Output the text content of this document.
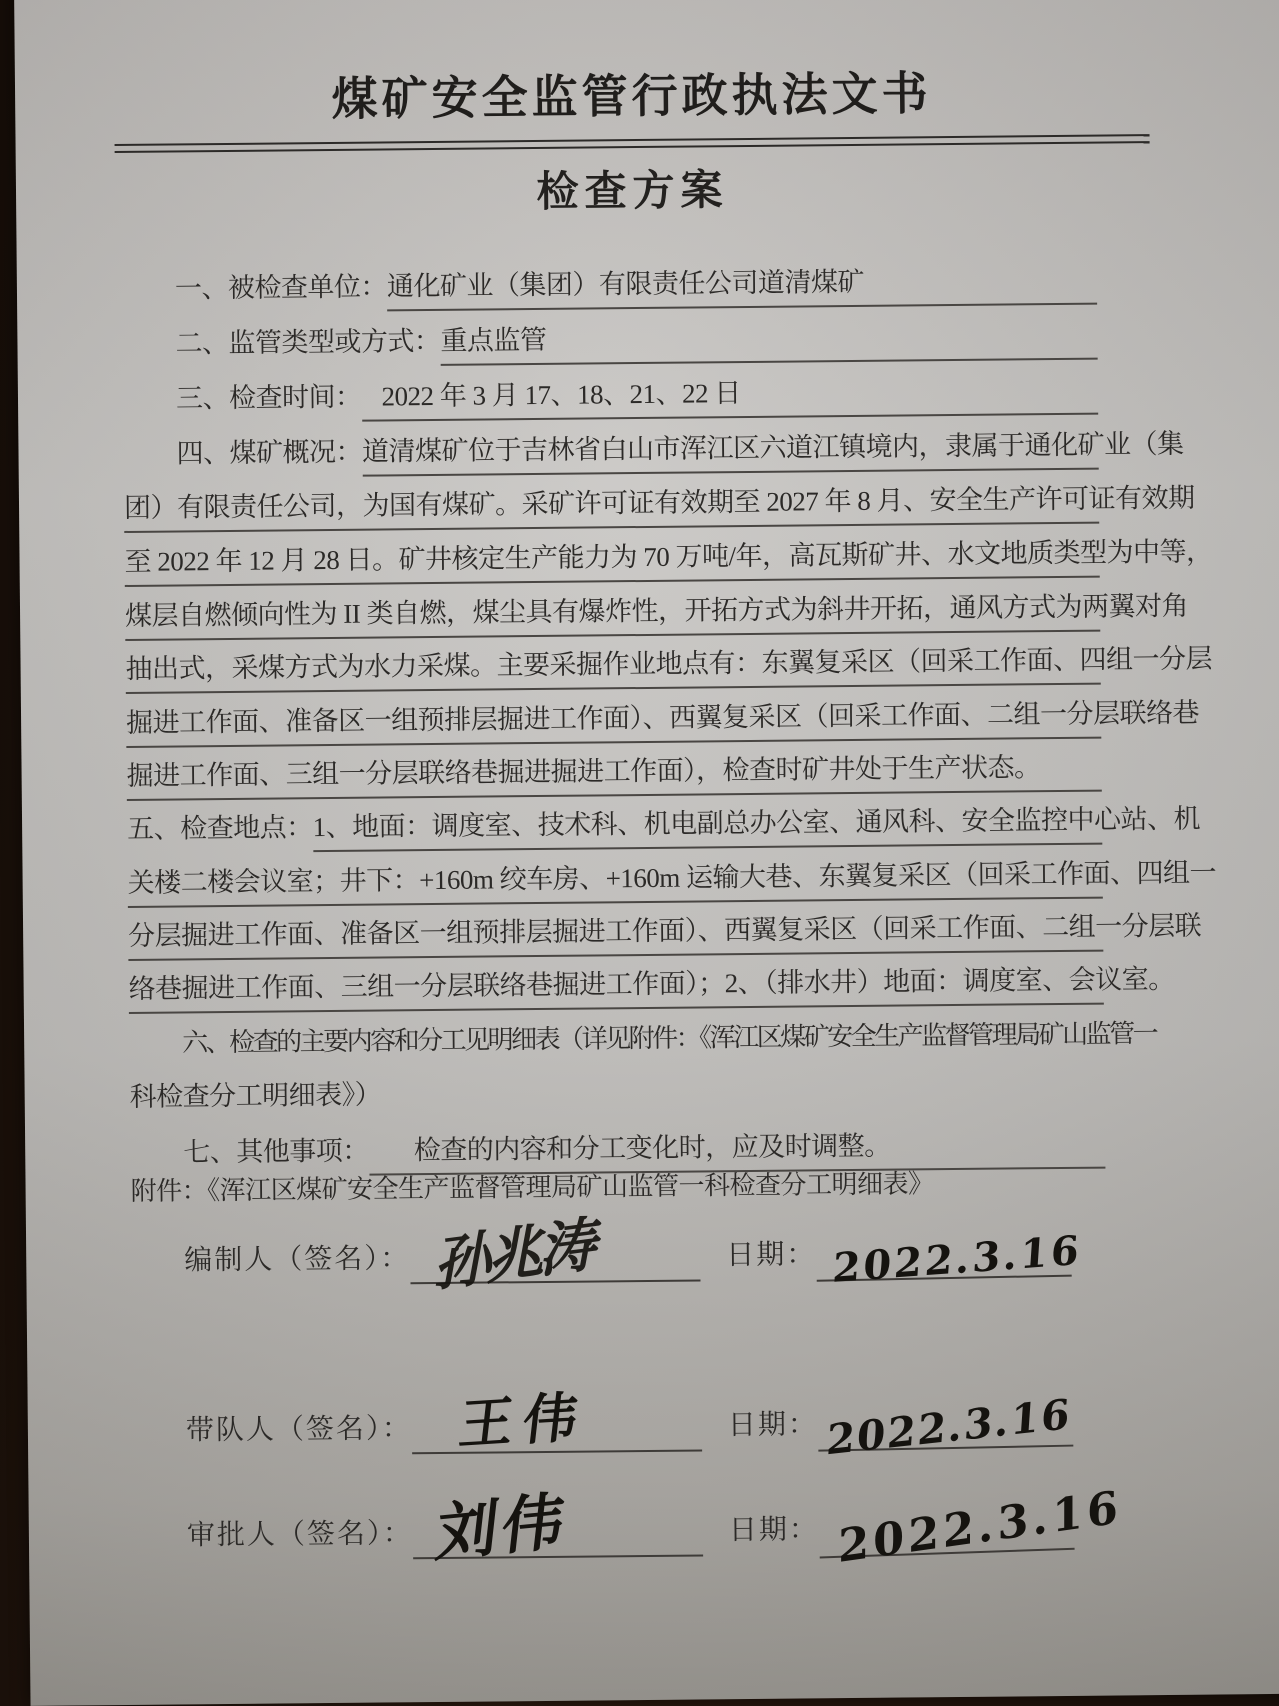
煤矿安全监管行政执法文书
检查方案
一、被检查单位： 通化矿业（集团）有限责任公司道清煤矿
二、监管类型或方式： 重点监管
三、检查时间： 2022 年 3 月 17、18、21、22 日
四、煤矿概况： 道清煤矿位于吉林省白山市浑江区六道江镇境内，隶属于通化矿业（集
团）有限责任公司，为国有煤矿。采矿许可证有效期至 2027 年 8 月、安全生产许可证有效期
至 2022 年 12 月 28 日。矿井核定生产能力为 70 万吨/年，高瓦斯矿井、水文地质类型为中等，
煤层自燃倾向性为 II 类自燃，煤尘具有爆炸性，开拓方式为斜井开拓，通风方式为两翼对角
抽出式，采煤方式为水力采煤。主要采掘作业地点有：东翼复采区（回采工作面、四组一分层
掘进工作面、准备区一组预排层掘进工作面）、西翼复采区（回采工作面、二组一分层联络巷
掘进工作面、三组一分层联络巷掘进掘进工作面），检查时矿井处于生产状态。
五、检查地点： 1、地面：调度室、技术科、机电副总办公室、通风科、安全监控中心站、机
关楼二楼会议室；井下：+160m 绞车房、+160m 运输大巷、东翼复采区（回采工作面、四组一
分层掘进工作面、准备区一组预排层掘进工作面）、西翼复采区（回采工作面、二组一分层联
络巷掘进工作面、三组一分层联络巷掘进工作面）；2、（排水井）地面：调度室、会议室。
六、检查的主要内容和分工见明细表（详见附件：《浑江区煤矿安全生产监督管理局矿山监管一
科检查分工明细表》）
七、其他事项：	检查的内容和分工变化时，应及时调整。
附件：《浑江区煤矿安全生产监督管理局矿山监管一科检查分工明细表》
编制人（签名）： 孙兆涛	日期： 2022.3.16
带队人（签名）： 王伟	日期： 2022.3.16
审批人（签名）： 刘伟	日期： 2022.3.16
